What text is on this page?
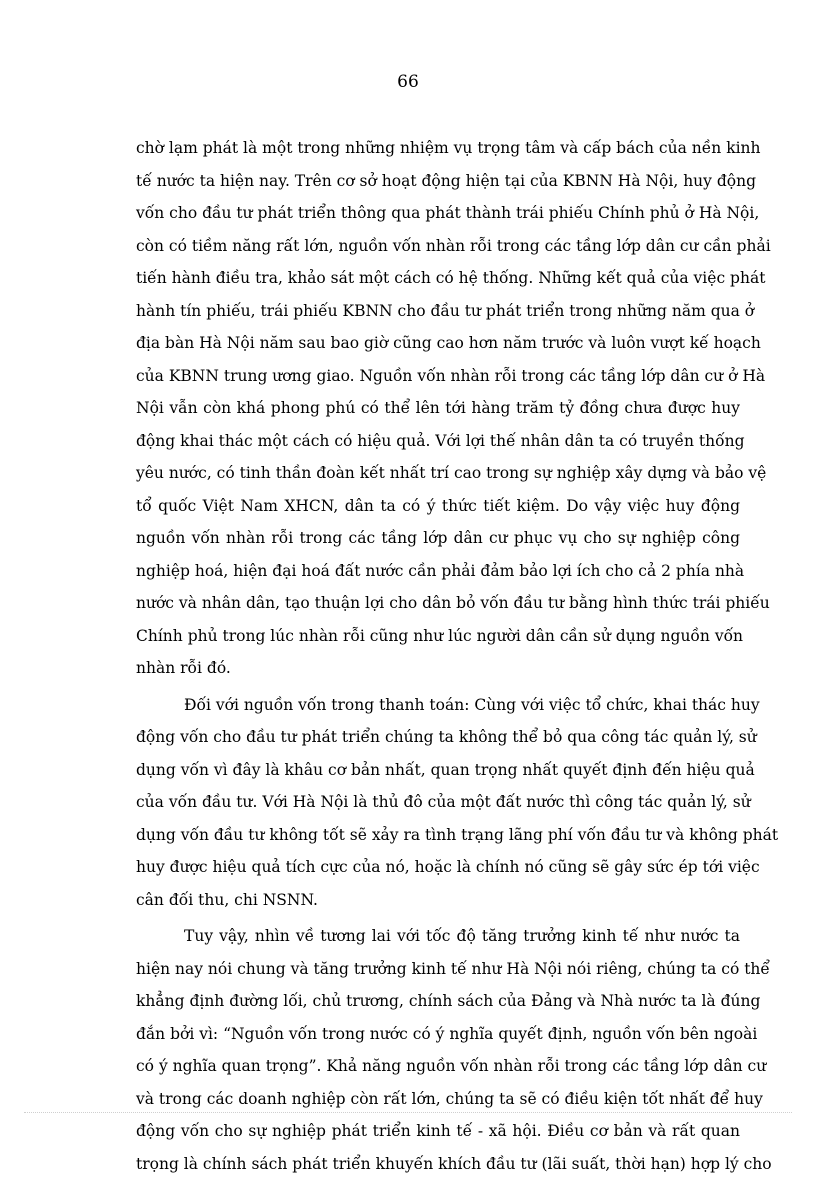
66
chờ lạm phát là một trong những nhiệm vụ trọng tâm và cấp bách của nền kinh
tế nước ta hiện nay. Trên cơ sở hoạt động hiện tại của KBNN Hà Nội, huy động
vốn cho đầu tư phát triển thông qua phát thành trái phiếu Chính phủ ở Hà Nội,
còn có tiềm năng rất lớn, nguồn vốn nhàn rỗi trong các tầng lớp dân cư cần phải
tiến hành điều tra, khảo sát một cách có hệ thống. Những kết quả của việc phát
hành tín phiếu, trái phiếu KBNN cho đầu tư phát triển trong những năm qua ở
địa bàn Hà Nội năm sau bao giờ cũng cao hơn năm trước và luôn vượt kế hoạch
của KBNN trung ương giao. Nguồn vốn nhàn rỗi trong các tầng lớp dân cư ở Hà
Nội vẫn còn khá phong phú có thể lên tới hàng trăm tỷ đồng chưa được huy
động khai thác một cách có hiệu quả. Với lợi thế nhân dân ta có truyền thống
yêu nước, có tinh thần đoàn kết nhất trí cao trong sự nghiệp xây dựng và bảo vệ
tổ quốc Việt Nam XHCN, dân ta có ý thức tiết kiệm. Do vậy việc huy động
nguồn vốn nhàn rỗi trong các tầng lớp dân cư phục vụ cho sự nghiệp công
nghiệp hoá, hiện đại hoá đất nước cần phải đảm bảo lợi ích cho cả 2 phía nhà
nước và nhân dân, tạo thuận lợi cho dân bỏ vốn đầu tư bằng hình thức trái phiếu
Chính phủ trong lúc nhàn rỗi cũng như lúc người dân cần sử dụng nguồn vốn
nhàn rỗi đó.
Đối với nguồn vốn trong thanh toán: Cùng với việc tổ chức, khai thác huy
động vốn cho đầu tư phát triển chúng ta không thể bỏ qua công tác quản lý, sử
dụng vốn vì đây là khâu cơ bản nhất, quan trọng nhất quyết định đến hiệu quả
của vốn đầu tư. Với Hà Nội là thủ đô của một đất nước thì công tác quản lý, sử
dụng vốn đầu tư không tốt sẽ xảy ra tình trạng lãng phí vốn đầu tư và không phát
huy được hiệu quả tích cực của nó, hoặc là chính nó cũng sẽ gây sức ép tới việc
cân đối thu, chi NSNN.
Tuy vậy, nhìn về tương lai với tốc độ tăng trưởng kinh tế như nước ta
hiện nay nói chung và tăng trưởng kinh tế như Hà Nội nói riêng, chúng ta có thể
khẳng định đường lối, chủ trương, chính sách của Đảng và Nhà nước ta là đúng
đắn bởi vì: “Nguồn vốn trong nước có ý nghĩa quyết định, nguồn vốn bên ngoài
có ý nghĩa quan trọng”. Khả năng nguồn vốn nhàn rỗi trong các tầng lớp dân cư
và trong các doanh nghiệp còn rất lớn, chúng ta sẽ có điều kiện tốt nhất để huy
động vốn cho sự nghiệp phát triển kinh tế - xã hội. Điều cơ bản và rất quan
trọng là chính sách phát triển khuyến khích đầu tư (lãi suất, thời hạn) hợp lý cho
